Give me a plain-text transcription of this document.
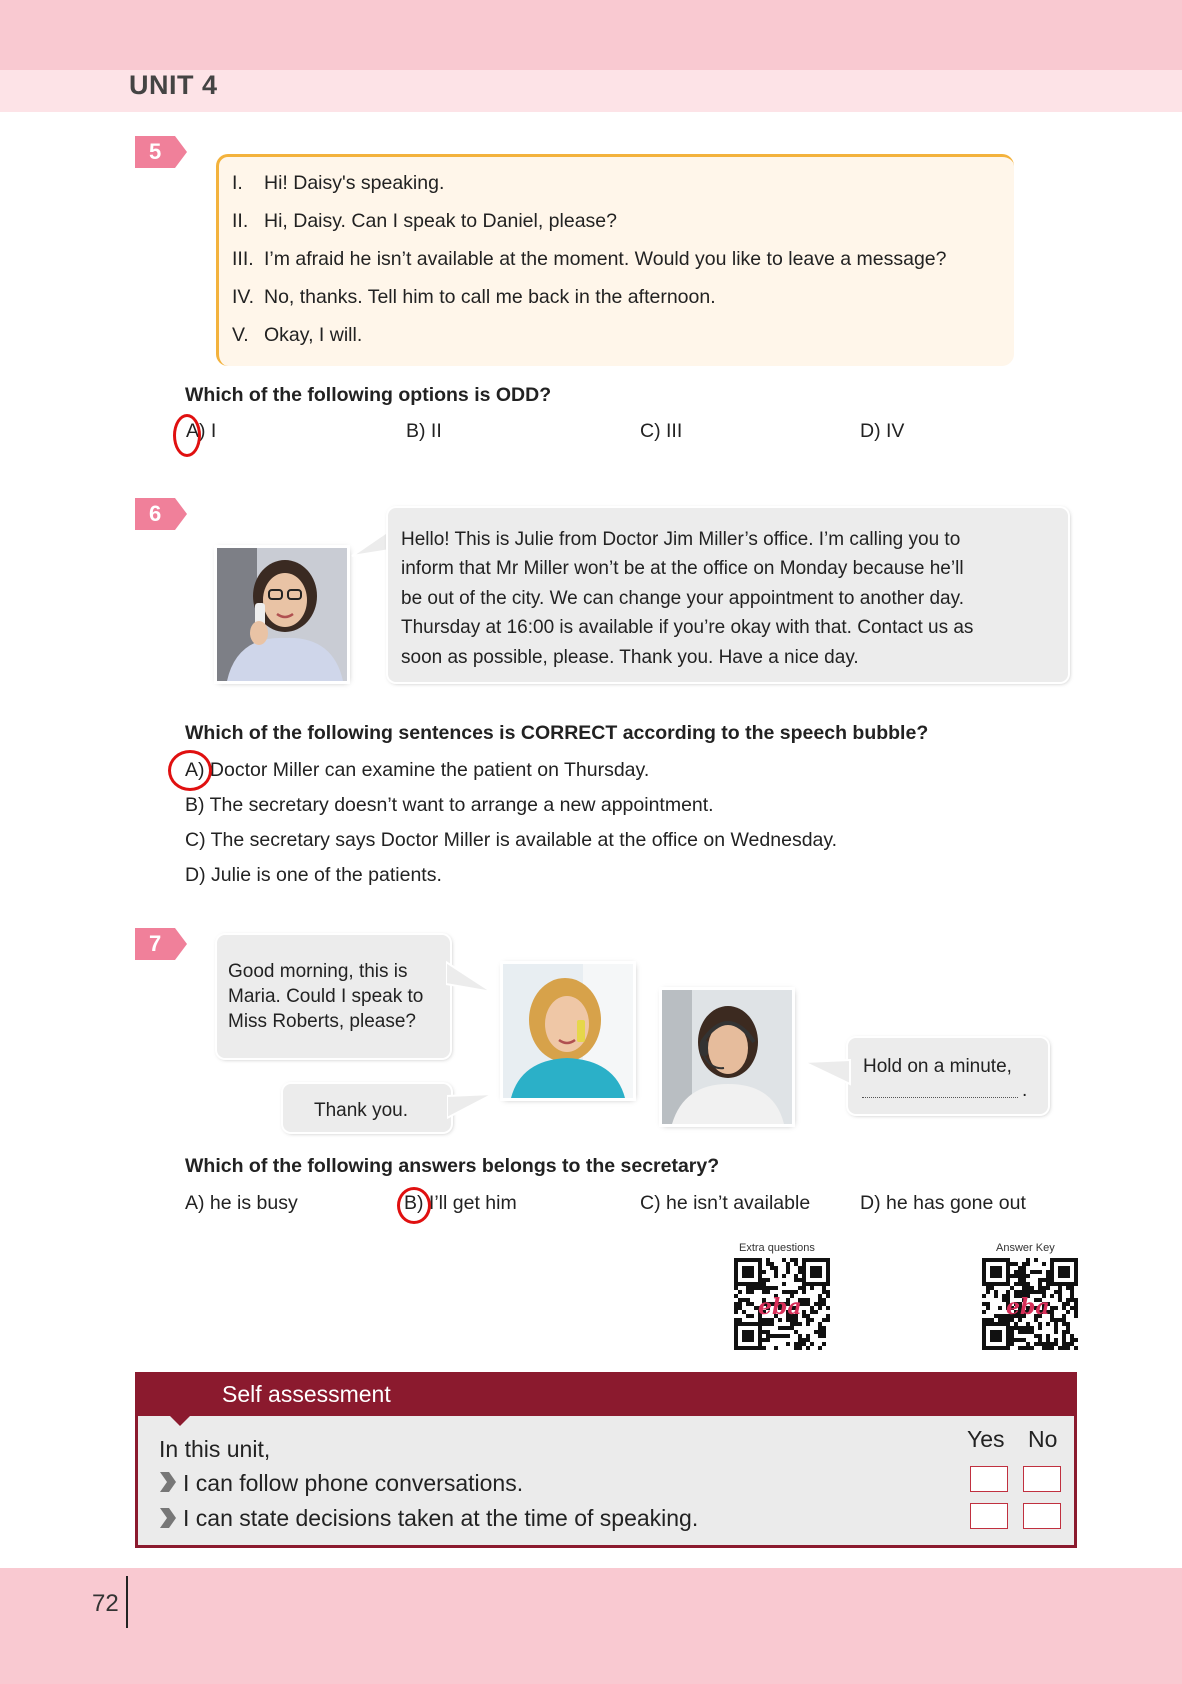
UNIT 4
5
I. Hi! Daisy's speaking.
II. Hi, Daisy. Can I speak to Daniel, please?
III. I’m afraid he isn’t available at the moment. Would you like to leave a message?
IV. No, thanks. Tell him to call me back in the afternoon.
V. Okay, I will.
Which of the following options is ODD?
A) I	B) II	C) III	D) IV
6
Hello! This is Julie from Doctor Jim Miller’s office. I’m calling you to
inform that Mr Miller won’t be at the office on Monday because he’ll
be out of the city. We can change your appointment to another day.
Thursday at 16:00 is available if you’re okay with that. Contact us as
soon as possible, please. Thank you. Have a nice day.
Which of the following sentences is CORRECT according to the speech bubble?
A) Doctor Miller can examine the patient on Thursday.
B) The secretary doesn’t want to arrange a new appointment.
C) The secretary says Doctor Miller is available at the office on Wednesday.
D) Julie is one of the patients.
7
Good morning, this is
Maria. Could I speak to
Miss Roberts, please?
Thank you.
Hold on a minute,
.
Which of the following answers belongs to the secretary?
A) he is busy	B) I’ll get him	C) he isn’t available	D) he has gone out
Extra questions
eba
Answer Key
eba
Self assessment
In this unit,	Yes No
I can follow phone conversations.
I can state decisions taken at the time of speaking.
72
